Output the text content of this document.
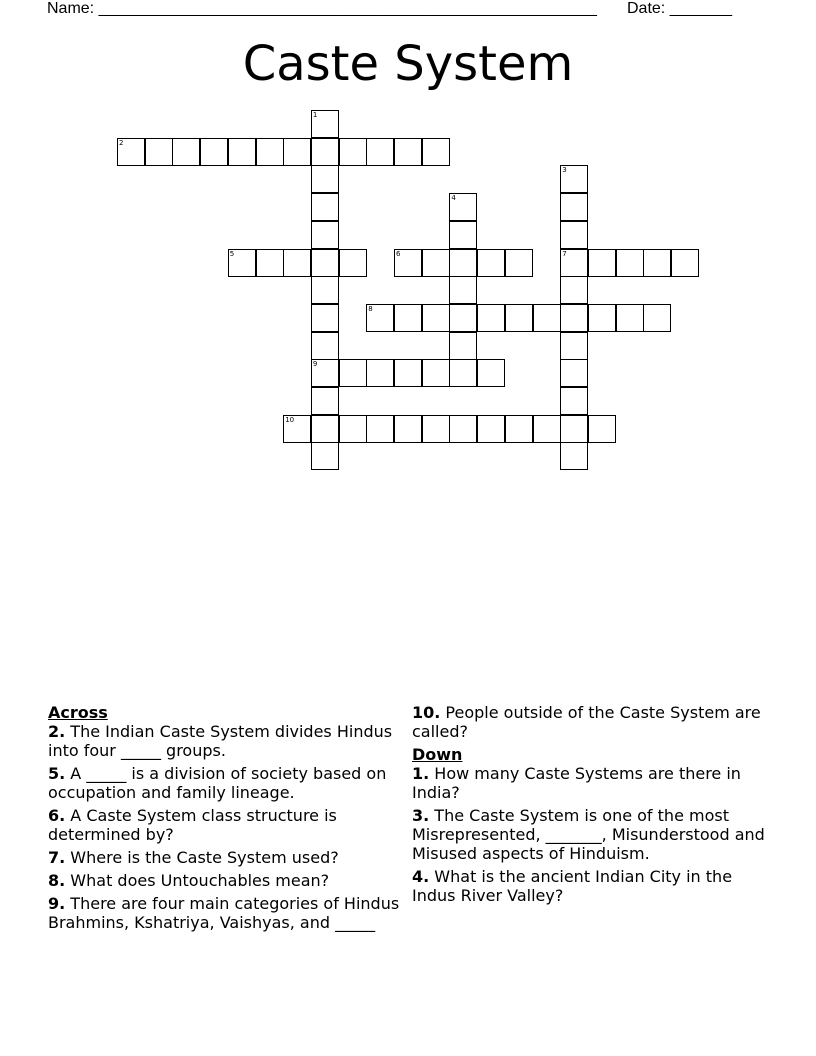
Name: ________________________________________________________ Date: _______
Caste System
1
9
2
3
7
4
5	6
8
10
Across
2. The Indian Caste System divides Hindus into four _____ groups.
5. A _____ is a division of society based on occupation and family lineage.
6. A Caste System class structure is determined by?
7. Where is the Caste System used?
8. What does Untouchables mean?
9. There are four main categories of Hindus Brahmins, Kshatriya, Vaishyas, and _____
10. People outside of the Caste System are called?
Down
1. How many Caste Systems are there in India?
3. The Caste System is one of the most Misrepresented, _______, Misunderstood and Misused aspects of Hinduism.
4. What is the ancient Indian City in the Indus River Valley?
